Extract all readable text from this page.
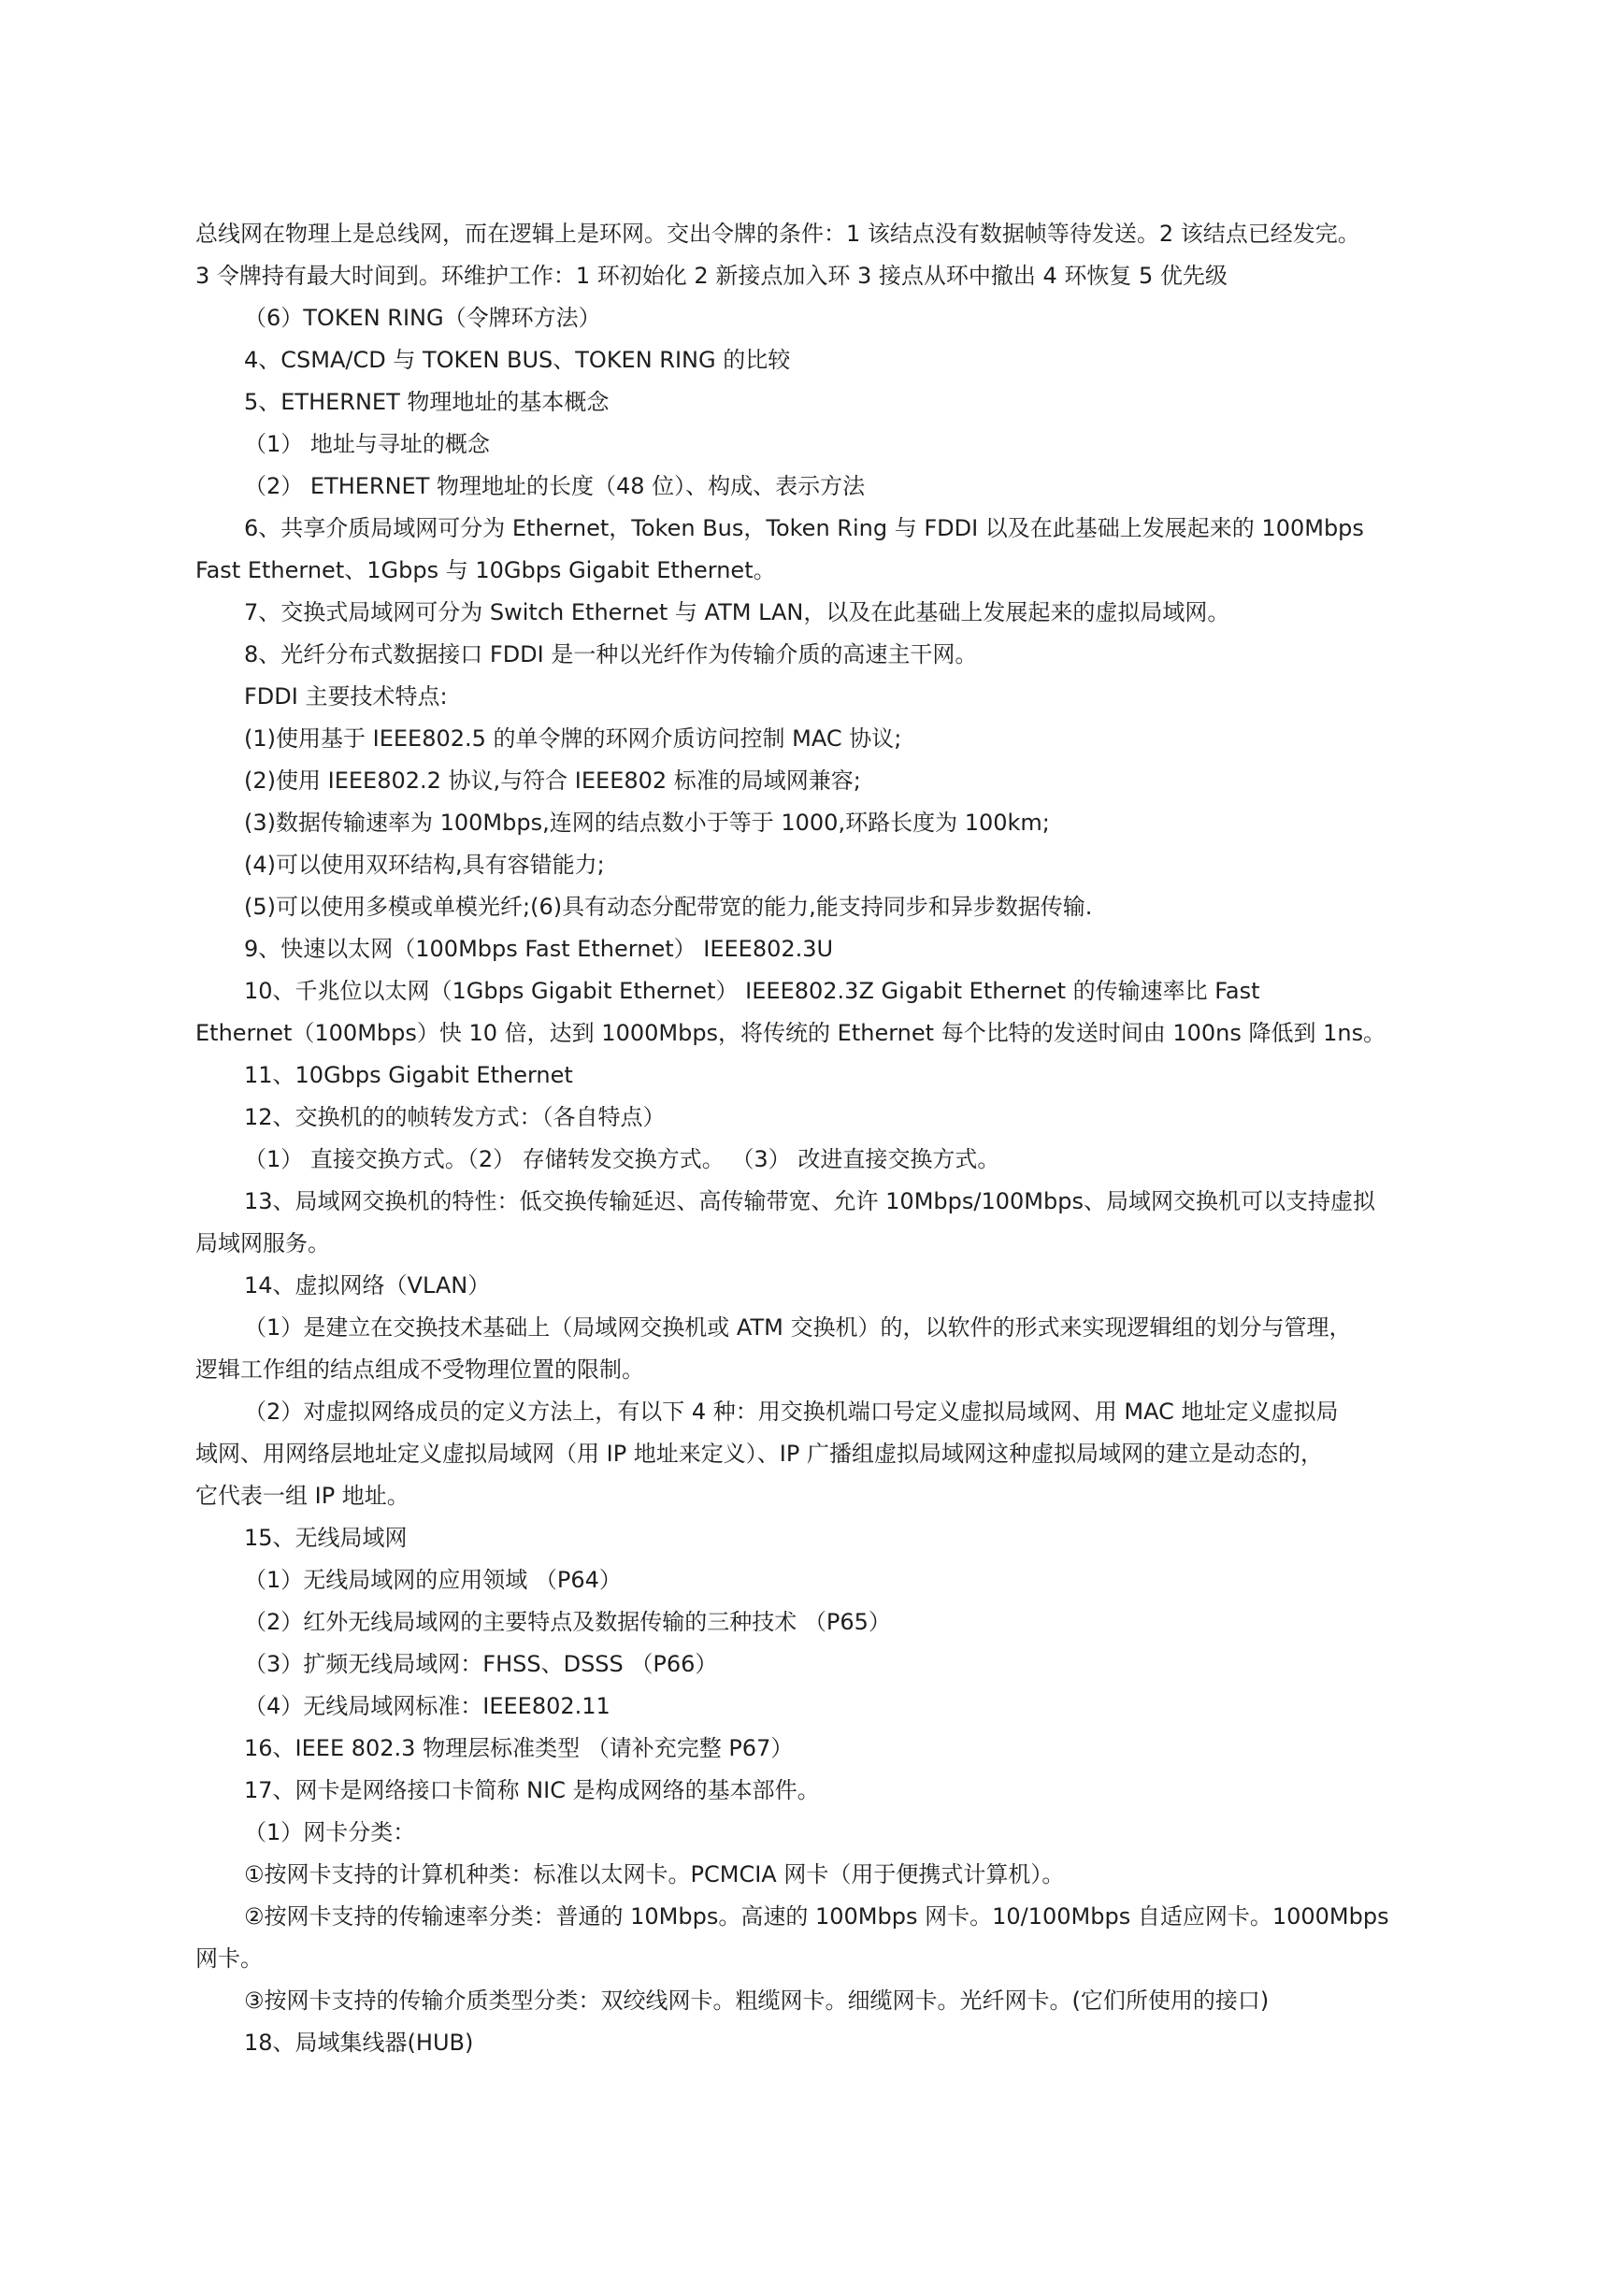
总线网在物理上是总线网，而在逻辑上是环网。交出令牌的条件：1 该结点没有数据帧等待发送。2 该结点已经发完。
3 令牌持有最大时间到。环维护工作：1 环初始化 2 新接点加入环 3 接点从环中撤出 4 环恢复 5 优先级
（6）TOKEN RING（令牌环方法）
4、CSMA/CD 与 TOKEN BUS、TOKEN RING 的比较
5、ETHERNET 物理地址的基本概念
（1） 地址与寻址的概念
（2） ETHERNET 物理地址的长度（48 位）、构成、表示方法
6、共享介质局域网可分为 Ethernet，Token Bus，Token Ring 与 FDDI 以及在此基础上发展起来的 100Mbps
Fast Ethernet、1Gbps 与 10Gbps Gigabit Ethernet。
7、交换式局域网可分为 Switch Ethernet 与 ATM LAN，以及在此基础上发展起来的虚拟局域网。
8、光纤分布式数据接口 FDDI 是一种以光纤作为传输介质的高速主干网。
FDDI 主要技术特点:
(1)使用基于 IEEE802.5 的单令牌的环网介质访问控制 MAC 协议;
(2)使用 IEEE802.2 协议,与符合 IEEE802 标准的局域网兼容;
(3)数据传输速率为 100Mbps,连网的结点数小于等于 1000,环路长度为 100km;
(4)可以使用双环结构,具有容错能力;
(5)可以使用多模或单模光纤;(6)具有动态分配带宽的能力,能支持同步和异步数据传输.
9、快速以太网（100Mbps Fast Ethernet） IEEE802.3U
10、千兆位以太网（1Gbps Gigabit Ethernet） IEEE802.3Z Gigabit Ethernet 的传输速率比 Fast
Ethernet（100Mbps）快 10 倍，达到 1000Mbps，将传统的 Ethernet 每个比特的发送时间由 100ns 降低到 1ns。
11、10Gbps Gigabit Ethernet
12、交换机的的帧转发方式：（各自特点）
（1） 直接交换方式。（2） 存储转发交换方式。 （3） 改进直接交换方式。
13、局域网交换机的特性：低交换传输延迟、高传输带宽、允许 10Mbps/100Mbps、局域网交换机可以支持虚拟
局域网服务。
14、虚拟网络（VLAN）
（1）是建立在交换技术基础上（局域网交换机或 ATM 交换机）的，以软件的形式来实现逻辑组的划分与管理，
逻辑工作组的结点组成不受物理位置的限制。
（2）对虚拟网络成员的定义方法上，有以下 4 种：用交换机端口号定义虚拟局域网、用 MAC 地址定义虚拟局
域网、用网络层地址定义虚拟局域网（用 IP 地址来定义）、IP 广播组虚拟局域网这种虚拟局域网的建立是动态的，
它代表一组 IP 地址。
15、无线局域网
（1）无线局域网的应用领域 （P64）
（2）红外无线局域网的主要特点及数据传输的三种技术 （P65）
（3）扩频无线局域网：FHSS、DSSS （P66）
（4）无线局域网标准：IEEE802.11
16、IEEE 802.3 物理层标准类型 （请补充完整 P67）
17、网卡是网络接口卡简称 NIC 是构成网络的基本部件。
（1）网卡分类：
①按网卡支持的计算机种类：标准以太网卡。PCMCIA 网卡（用于便携式计算机）。
②按网卡支持的传输速率分类：普通的 10Mbps。高速的 100Mbps 网卡。10/100Mbps 自适应网卡。1000Mbps
网卡。
③按网卡支持的传输介质类型分类：双绞线网卡。粗缆网卡。细缆网卡。光纤网卡。(它们所使用的接口)
18、局域集线器(HUB)
